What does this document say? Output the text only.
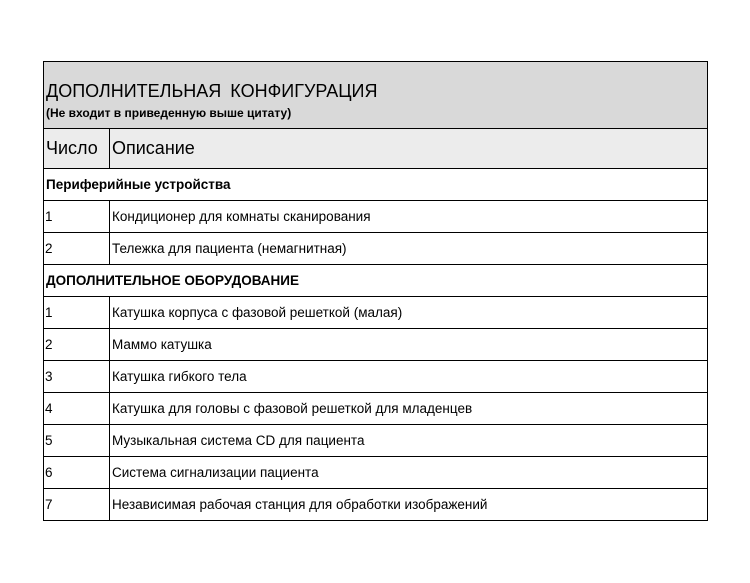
ДОПОЛНИТЕЛЬНАЯ КОНФИГУРАЦИЯ	
(Не входит в приведенную выше цитату)	
Число	Описание
Периферийные устройства	
1	Кондиционер для комнаты сканирования
2	Тележка для пациента (немагнитная)
ДОПОЛНИТЕЛЬНОЕ ОБОРУДОВАНИЕ	
1	Катушка корпуса с фазовой решеткой (малая)
2	Маммо катушка
3	Катушка гибкого тела
4	Катушка для головы с фазовой решеткой для младенцев
5	Музыкальная система CD для пациента
6	Система сигнализации пациента
7	Независимая рабочая станция для обработки изображений
